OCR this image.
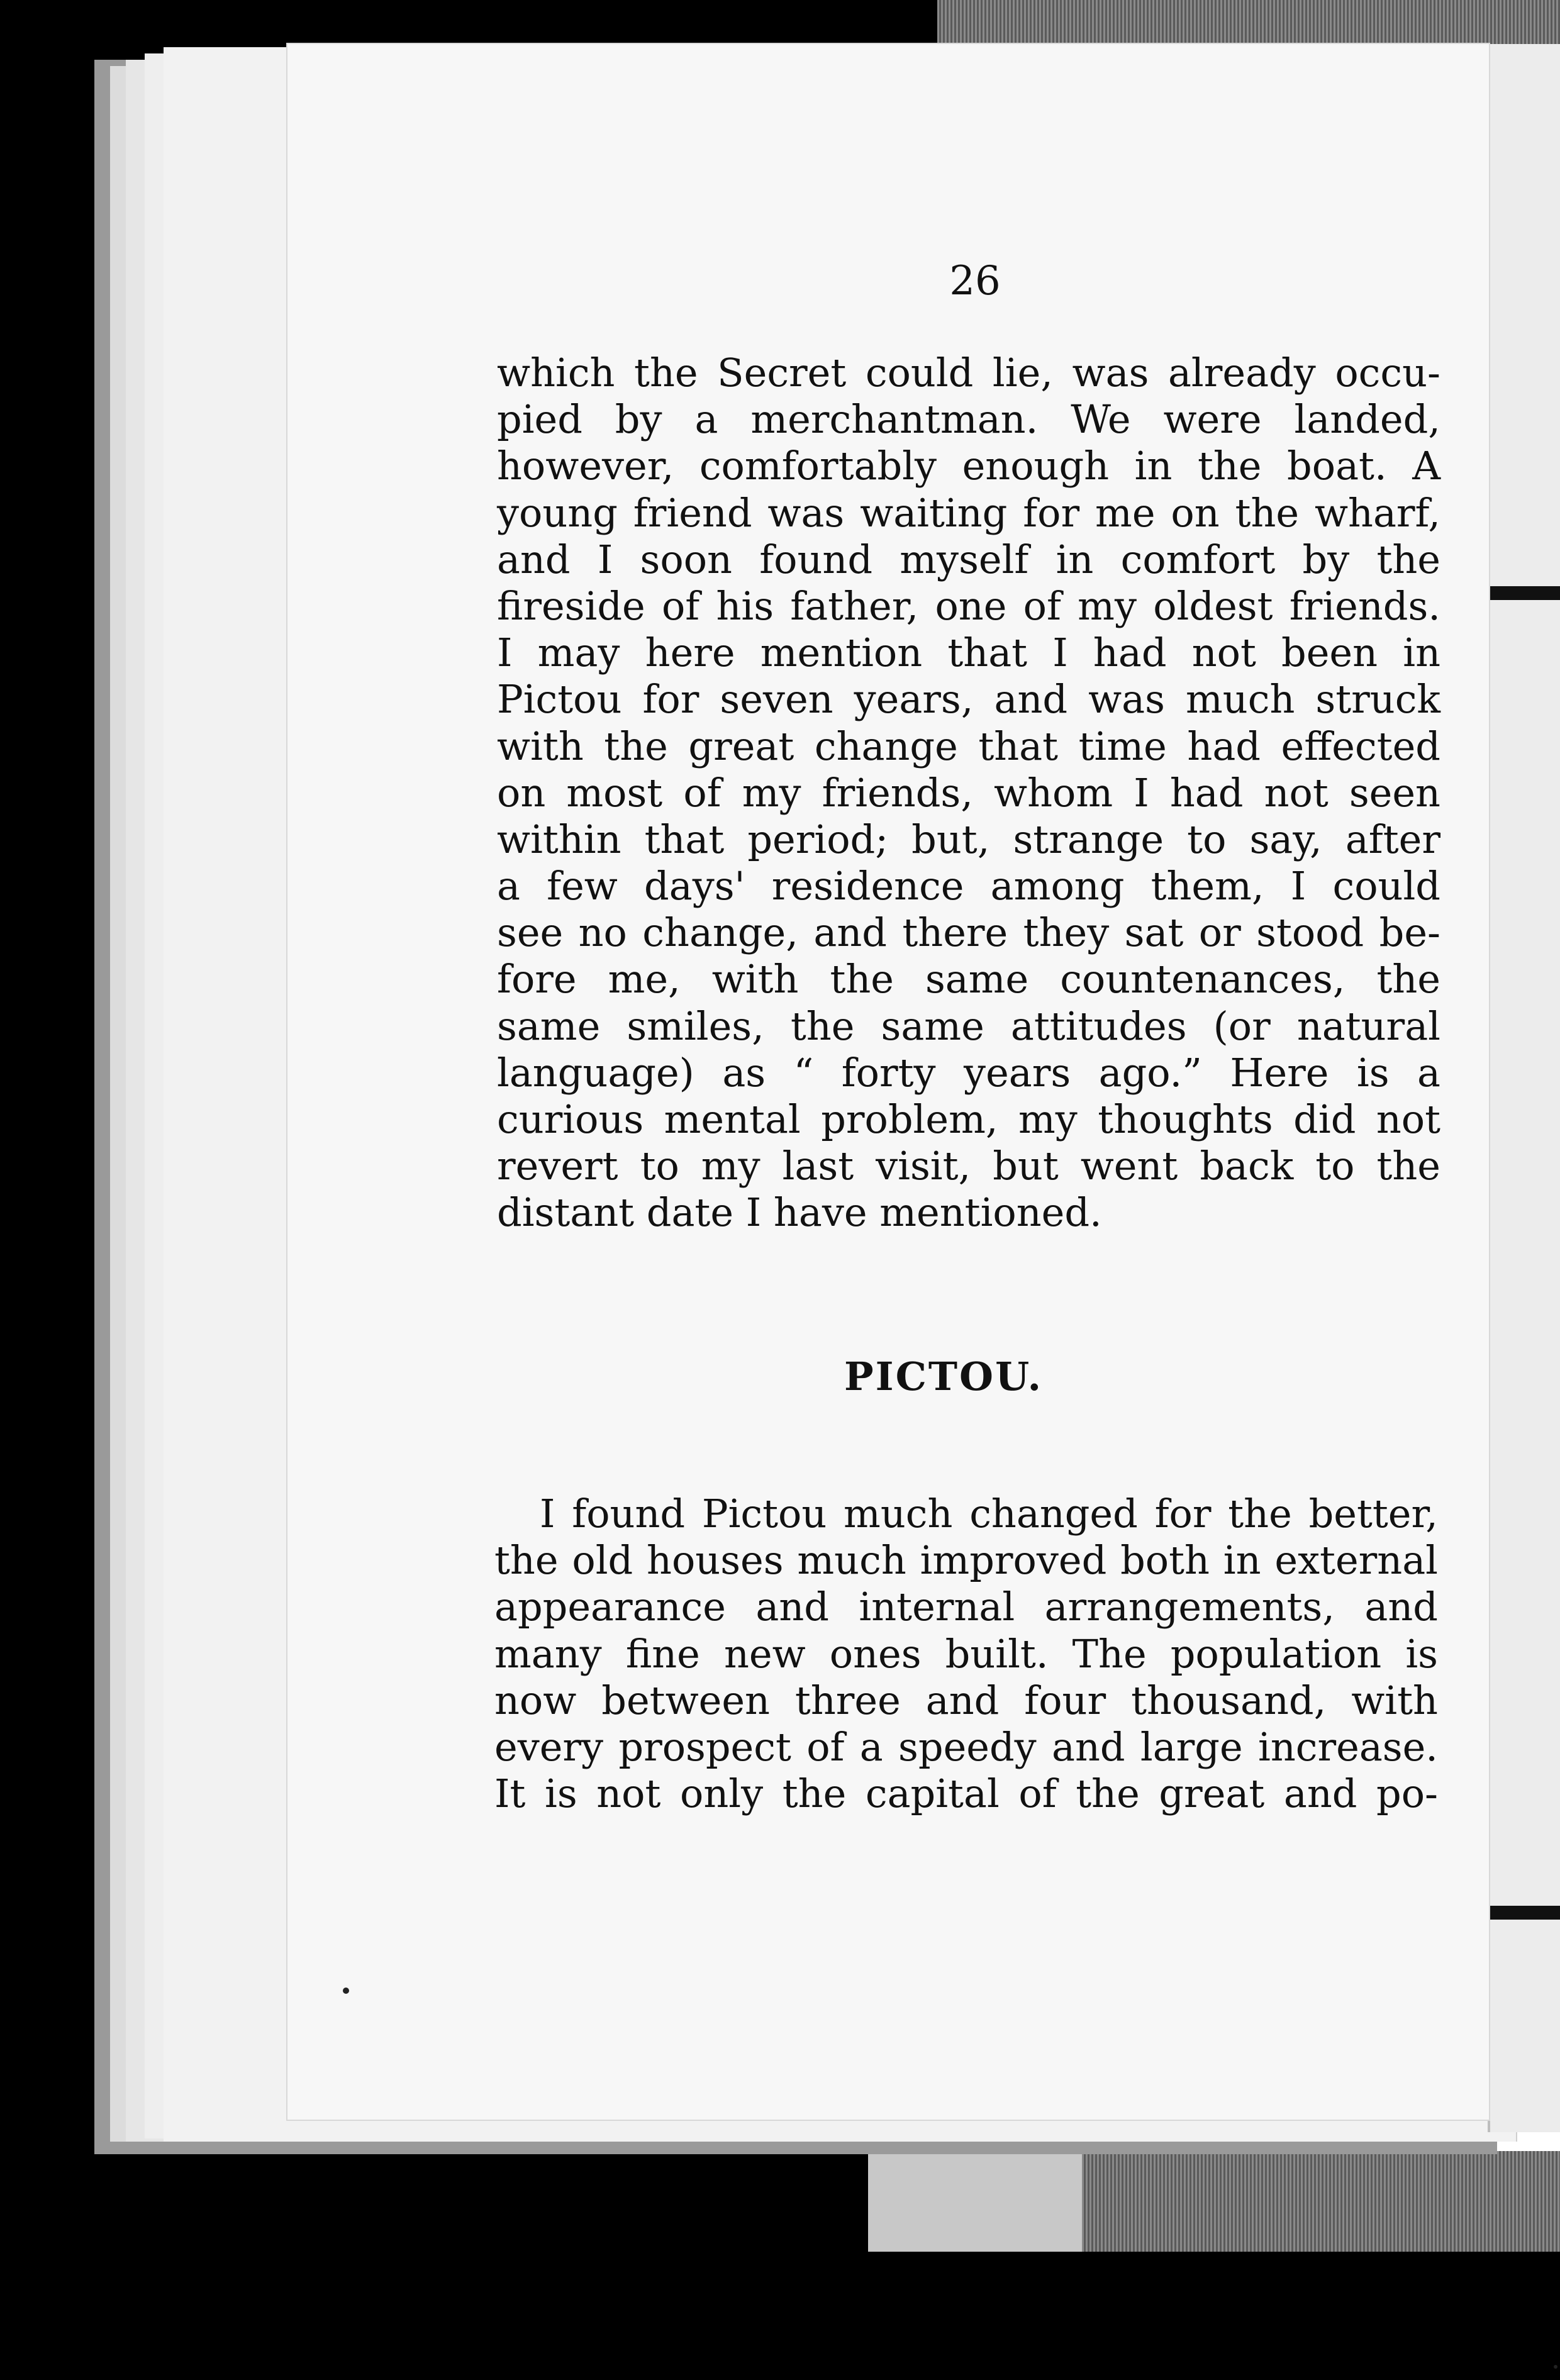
26
which the Secret could lie, was already occu-
pied by a merchantman. We were landed,
however, comfortably enough in the boat. A
young friend was waiting for me on the wharf,
and I soon found myself in comfort by the
fireside of his father, one of my oldest friends.
I may here mention that I had not been in
Pictou for seven years, and was much struck
with the great change that time had effected
on most of my friends, whom I had not seen
within that period; but, strange to say, after
a few days' residence among them, I could
see no change, and there they sat or stood be-
fore me, with the same countenances, the
same smiles, the same attitudes (or natural
language) as “ forty years ago.” Here is a
curious mental problem, my thoughts did not
revert to my last visit, but went back to the
distant date I have mentioned.
PICTOU.
I found Pictou much changed for the better,
the old houses much improved both in external
appearance and internal arrangements, and
many fine new ones built. The population is
now between three and four thousand, with
every prospect of a speedy and large increase.
It is not only the capital of the great and po-
